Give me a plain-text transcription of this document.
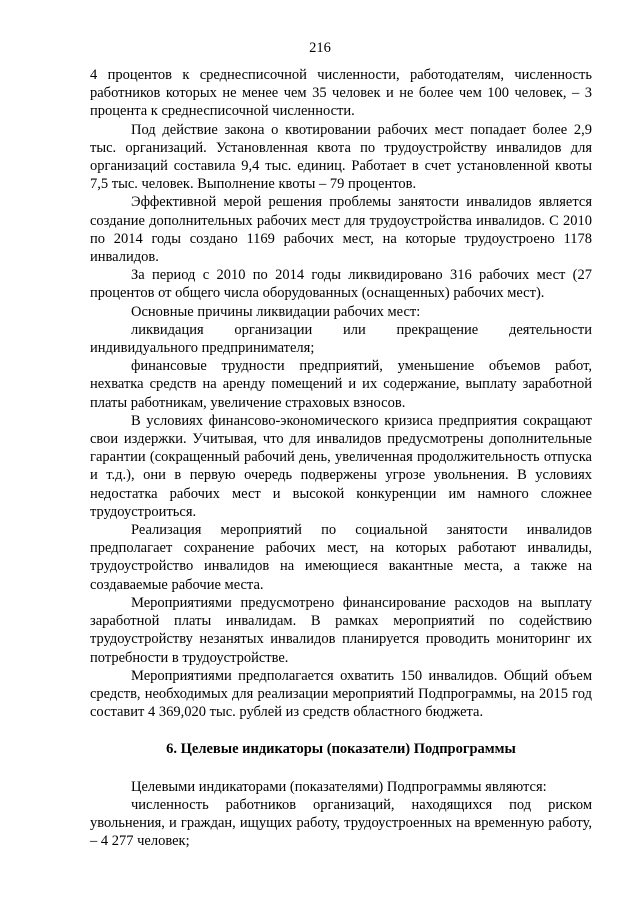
216

4 процентов к среднесписочной численности, работодателям, численность работников которых не менее чем 35 человек и не более чем 100 человек, – 3 процента к среднесписочной численности.

Под действие закона о квотировании рабочих мест попадает более 2,9 тыс. организаций. Установленная квота по трудоустройству инвалидов для организаций составила 9,4 тыс. единиц. Работает в счет установленной квоты 7,5 тыс. человек. Выполнение квоты – 79 процентов.

Эффективной мерой решения проблемы занятости инвалидов является создание дополнительных рабочих мест для трудоустройства инвалидов. С 2010 по 2014 годы создано 1169 рабочих мест, на которые трудоустроено 1178 инвалидов.

За период с 2010 по 2014 годы ликвидировано 316 рабочих мест (27 процентов от общего числа оборудованных (оснащенных) рабочих мест).

Основные причины ликвидации рабочих мест:

ликвидация организации или прекращение деятельности индивидуального предпринимателя;

финансовые трудности предприятий, уменьшение объемов работ, нехватка средств на аренду помещений и их содержание, выплату заработной платы работникам, увеличение страховых взносов.

В условиях финансово-экономического кризиса предприятия сокращают свои издержки. Учитывая, что для инвалидов предусмотрены дополнительные гарантии (сокращенный рабочий день, увеличенная продолжительность отпуска и т.д.), они в первую очередь подвержены угрозе увольнения. В условиях недостатка рабочих мест и высокой конкуренции им намного сложнее трудоустроиться.

Реализация мероприятий по социальной занятости инвалидов предполагает сохранение рабочих мест, на которых работают инвалиды, трудоустройство инвалидов на имеющиеся вакантные места, а также на создаваемые рабочие места.

Мероприятиями предусмотрено финансирование расходов на выплату заработной платы инвалидам. В рамках мероприятий по содействию трудоустройству незанятых инвалидов планируется проводить мониторинг их потребности в трудоустройстве.

Мероприятиями предполагается охватить 150 инвалидов. Общий объем средств, необходимых для реализации мероприятий Подпрограммы, на 2015 год составит 4 369,020 тыс. рублей из средств областного бюджета.

6. Целевые индикаторы (показатели) Подпрограммы

Целевыми индикаторами (показателями) Подпрограммы являются:

численность работников организаций, находящихся под риском увольнения, и граждан, ищущих работу, трудоустроенных на временную работу, – 4 277 человек;
